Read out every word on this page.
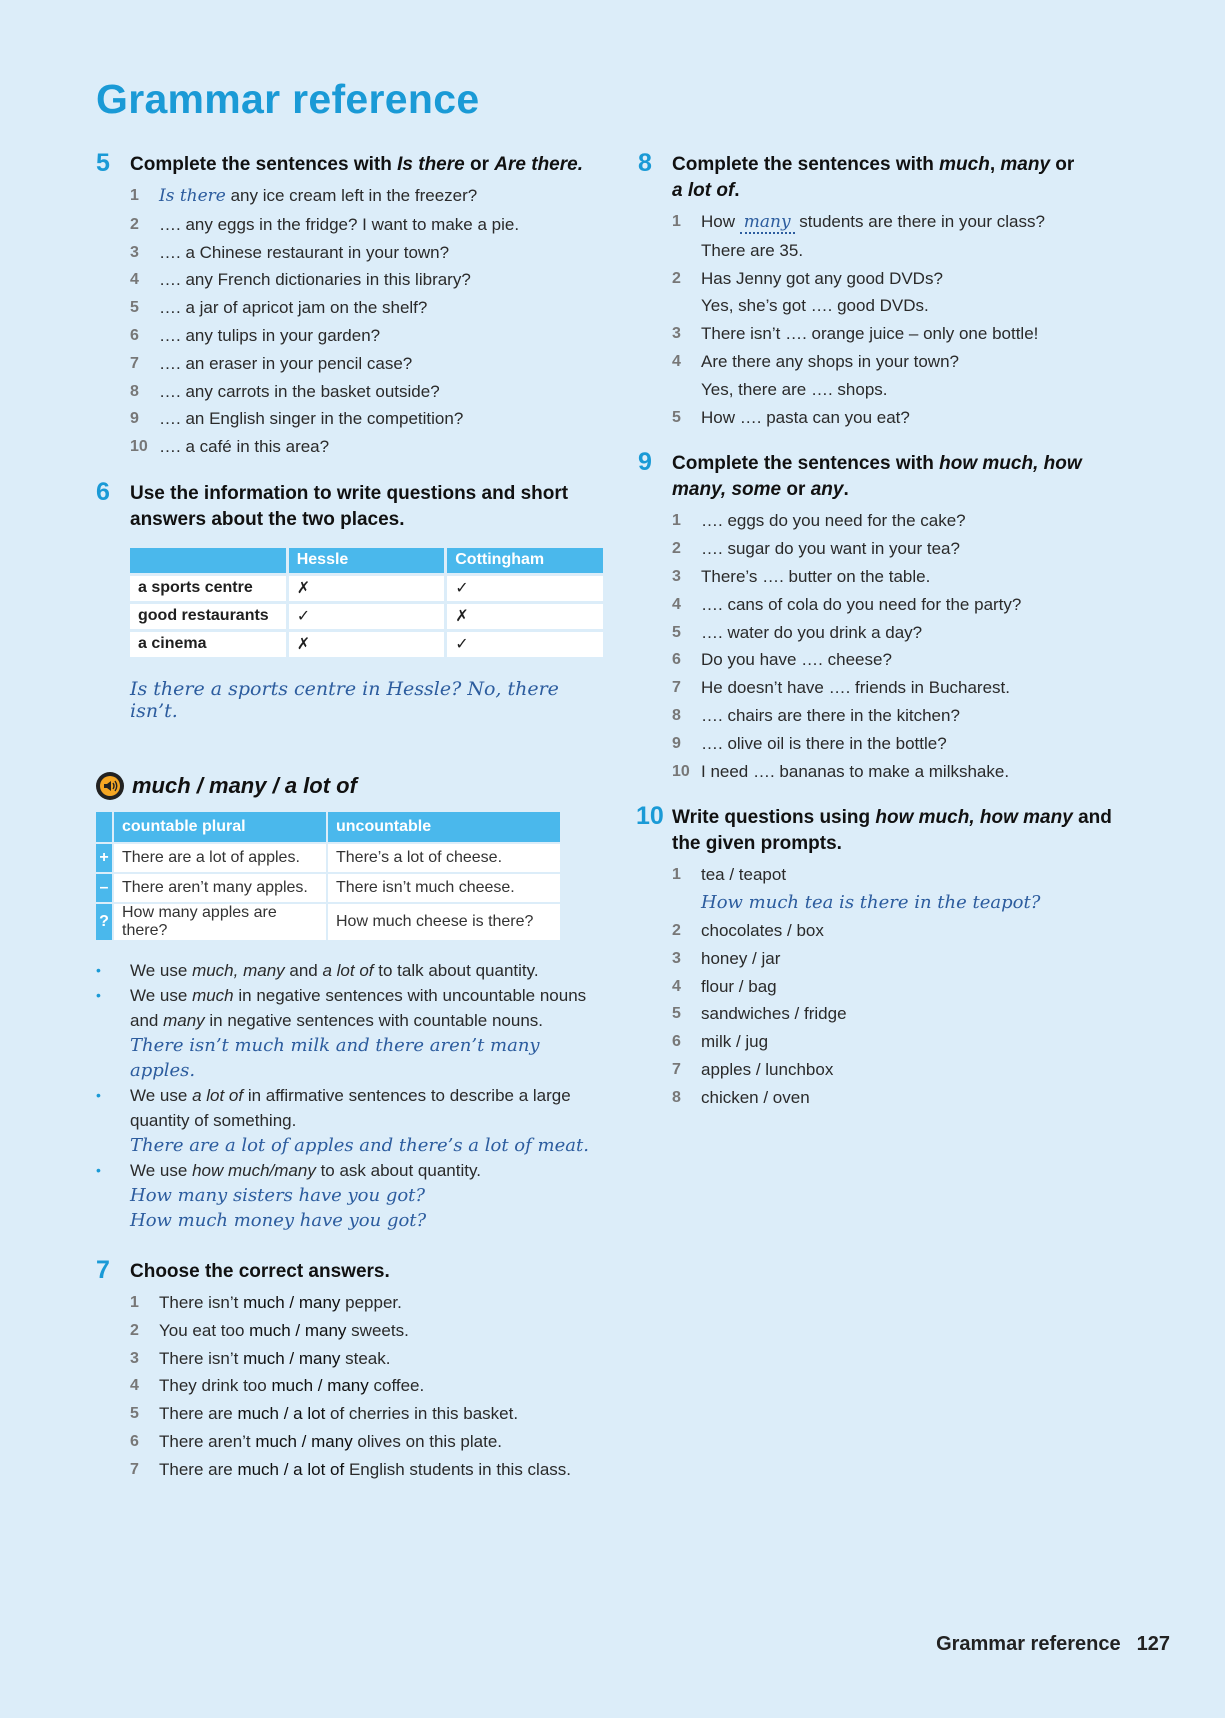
Grammar reference
5 Complete the sentences with Is there or Are there.
1 Is there any ice cream left in the freezer?
2 …. any eggs in the fridge? I want to make a pie.
3 …. a Chinese restaurant in your town?
4 …. any French dictionaries in this library?
5 …. a jar of apricot jam on the shelf?
6 …. any tulips in your garden?
7 …. an eraser in your pencil case?
8 …. any carrots in the basket outside?
9 …. an English singer in the competition?
10 …. a café in this area?
6 Use the information to write questions and short answers about the two places.
	Hessle	Cottingham
a sports centre	✗	✓
good restaurants	✓	✗
a cinema	✗	✓
Is there a sports centre in Hessle? No, there isn’t.
much / many / a lot of
	countable plural	uncountable
+	There are a lot of apples.	There’s a lot of cheese.
–	There aren’t many apples.	There isn’t much cheese.
?	How many apples are there?	How much cheese is there?
• We use much, many and a lot of to talk about quantity.
• We use much in negative sentences with uncountable nouns and many in negative sentences with countable nouns.
There isn’t much milk and there aren’t many apples.
• We use a lot of in affirmative sentences to describe a large quantity of something.
There are a lot of apples and there’s a lot of meat.
• We use how much/many to ask about quantity.
How many sisters have you got?
How much money have you got?
7 Choose the correct answers.
1 There isn’t much / many pepper.
2 You eat too much / many sweets.
3 There isn’t much / many steak.
4 They drink too much / many coffee.
5 There are much / a lot of cherries in this basket.
6 There aren’t much / many olives on this plate.
7 There are much / a lot of English students in this class.
8 Complete the sentences with much, many or
a lot of.
1 How many students are there in your class?
There are 35.
2 Has Jenny got any good DVDs?
Yes, she’s got …. good DVDs.
3 There isn’t …. orange juice – only one bottle!
4 Are there any shops in your town?
Yes, there are …. shops.
5 How …. pasta can you eat?
9 Complete the sentences with how much, how many, some or any.
1 …. eggs do you need for the cake?
2 …. sugar do you want in your tea?
3 There’s …. butter on the table.
4 …. cans of cola do you need for the party?
5 …. water do you drink a day?
6 Do you have …. cheese?
7 He doesn’t have …. friends in Bucharest.
8 …. chairs are there in the kitchen?
9 …. olive oil is there in the bottle?
10 I need …. bananas to make a milkshake.
10 Write questions using how much, how many and the given prompts.
1 tea / teapot
How much tea is there in the teapot?
2 chocolates / box
3 honey / jar
4 flour / bag
5 sandwiches / fridge
6 milk / jug
7 apples / lunchbox
8 chicken / oven
Grammar reference 127
